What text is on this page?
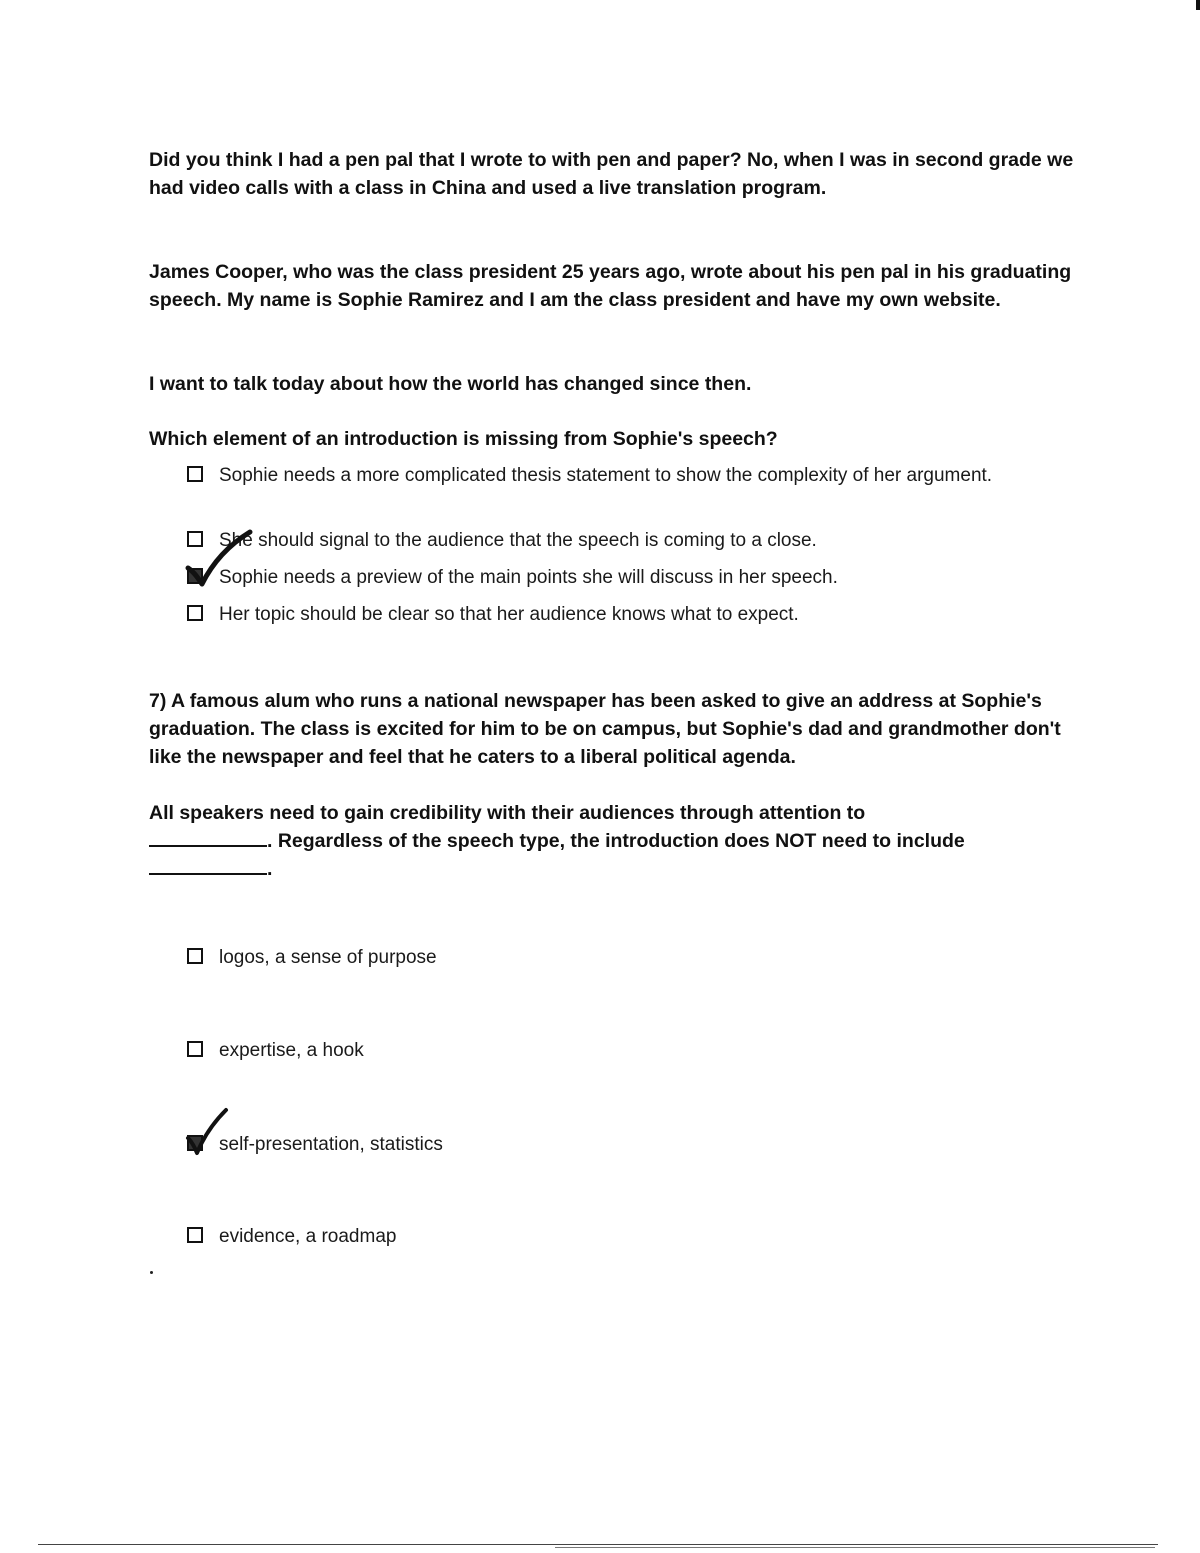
Did you think I had a pen pal that I wrote to with pen and paper? No, when I was in second grade we had video calls with a class in China and used a live translation program.
James Cooper, who was the class president 25 years ago, wrote about his pen pal in his graduating speech. My name is Sophie Ramirez and I am the class president and have my own website.
I want to talk today about how the world has changed since then.
Which element of an introduction is missing from Sophie's speech?
Sophie needs a more complicated thesis statement to show the complexity of her argument.
She should signal to the audience that the speech is coming to a close.
Sophie needs a preview of the main points she will discuss in her speech.
Her topic should be clear so that her audience knows what to expect.
7) A famous alum who runs a national newspaper has been asked to give an address at Sophie's graduation. The class is excited for him to be on campus, but Sophie's dad and grandmother don't like the newspaper and feel that he caters to a liberal political agenda.
All speakers need to gain credibility with their audiences through attention to
. Regardless of the speech type, the introduction does NOT need to include
.
logos, a sense of purpose
expertise, a hook
self-presentation, statistics
evidence, a roadmap
